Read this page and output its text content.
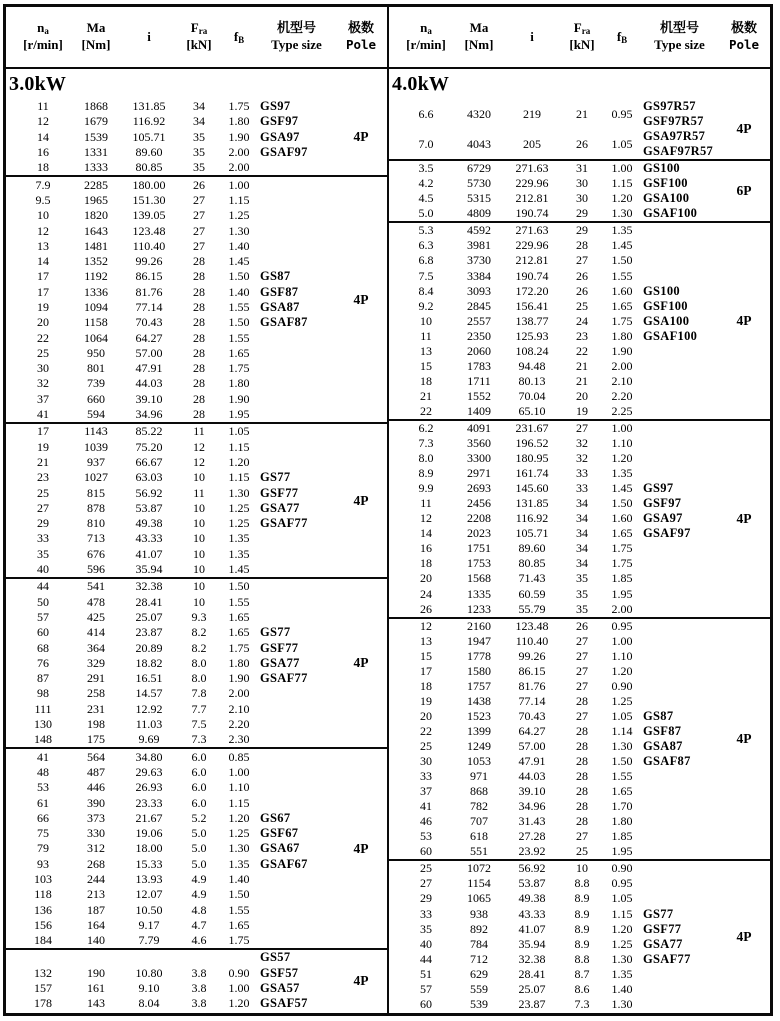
n a
[r/min]
Ma
[Nm]
i
F ra
[kN]
f B
机型号
Type size
极数
Pole
3.0kW
11
12
14
16
18
1868
1679
1539
1331
1333
131.85
116.92
105.71
89.60
80.85
34
34
35
35
35
1.75
1.80
1.90
2.00
2.00
GS97
GSF97
GSA97
GSAF97
4P
7.9
9.5
10
12
13
14
17
17
19
20
22
25
30
32
37
41
2285
1965
1820
1643
1481
1352
1192
1336
1094
1158
1064
950
801
739
660
594
180.00
151.30
139.05
123.48
110.40
99.26
86.15
81.76
77.14
70.43
64.27
57.00
47.91
44.03
39.10
34.96
26
27
27
27
27
28
28
28
28
28
28
28
28
28
28
28
1.00
1.15
1.25
1.30
1.40
1.45
1.50
1.40
1.55
1.50
1.55
1.65
1.75
1.80
1.90
1.95
GS87
GSF87
GSA87
GSAF87
4P
17
19
21
23
25
27
29
33
35
40
1143
1039
937
1027
815
878
810
713
676
596
85.22
75.20
66.67
63.03
56.92
53.87
49.38
43.33
41.07
35.94
11
12
12
10
11
10
10
10
10
10
1.05
1.15
1.20
1.15
1.30
1.25
1.25
1.35
1.35
1.45
GS77
GSF77
GSA77
GSAF77
4P
44
50
57
60
68
76
87
98
111
130
148
541
478
425
414
364
329
291
258
231
198
175
32.38
28.41
25.07
23.87
20.89
18.82
16.51
14.57
12.92
11.03
9.69
10
10
9.3
8.2
8.2
8.0
8.0
7.8
7.7
7.5
7.3
1.50
1.55
1.65
1.65
1.75
1.80
1.90
2.00
2.10
2.20
2.30
GS77
GSF77
GSA77
GSAF77
4P
41
48
53
61
66
75
79
93
103
118
136
156
184
564
487
446
390
373
330
312
268
244
213
187
164
140
34.80
29.63
26.93
23.33
21.67
19.06
18.00
15.33
13.93
12.07
10.50
9.17
7.79
6.0
6.0
6.0
6.0
5.2
5.0
5.0
5.0
4.9
4.9
4.8
4.7
4.6
0.85
1.00
1.10
1.15
1.20
1.25
1.30
1.35
1.40
1.50
1.55
1.65
1.75
GS67
GSF67
GSA67
GSAF67
4P
132
157
178
190
161
143
10.80
9.10
8.04
3.8
3.8
3.8
0.90
1.00
1.20
GS57
GSF57
GSA57
GSAF57
4P
n a
[r/min]
Ma
[Nm]
i
F ra
[kN]
f B
机型号
Type size
极数
Pole
4.0kW
6.6
7.0
4320
4043
219
205
21
26
0.95
1.05
GS97R57
GSF97R57
GSA97R57
GSAF97R57
4P
3.5
4.2
4.5
5.0
6729
5730
5315
4809
271.63
229.96
212.81
190.74
31
30
30
29
1.00
1.15
1.20
1.30
GS100
GSF100
GSA100
GSAF100
6P
5.3
6.3
6.8
7.5
8.4
9.2
10
11
13
15
18
21
22
4592
3981
3730
3384
3093
2845
2557
2350
2060
1783
1711
1552
1409
271.63
229.96
212.81
190.74
172.20
156.41
138.77
125.93
108.24
94.48
80.13
70.04
65.10
29
28
27
26
26
25
24
23
22
21
21
20
19
1.35
1.45
1.50
1.55
1.60
1.65
1.75
1.80
1.90
2.00
2.10
2.20
2.25
GS100
GSF100
GSA100
GSAF100
4P
6.2
7.3
8.0
8.9
9.9
11
12
14
16
18
20
24
26
4091
3560
3300
2971
2693
2456
2208
2023
1751
1753
1568
1335
1233
231.67
196.52
180.95
161.74
145.60
131.85
116.92
105.71
89.60
80.85
71.43
60.59
55.79
27
32
32
33
33
34
34
34
34
34
35
35
35
1.00
1.10
1.20
1.35
1.45
1.50
1.60
1.65
1.75
1.75
1.85
1.95
2.00
GS97
GSF97
GSA97
GSAF97
4P
12
13
15
17
18
19
20
22
25
30
33
37
41
46
53
60
2160
1947
1778
1580
1757
1438
1523
1399
1249
1053
971
868
782
707
618
551
123.48
110.40
99.26
86.15
81.76
77.14
70.43
64.27
57.00
47.91
44.03
39.10
34.96
31.43
27.28
23.92
26
27
27
27
27
28
27
28
28
28
28
28
28
28
27
25
0.95
1.00
1.10
1.20
0.90
1.25
1.05
1.14
1.30
1.50
1.55
1.65
1.70
1.80
1.85
1.95
GS87
GSF87
GSA87
GSAF87
4P
25
27
29
33
35
40
44
51
57
60
1072
1154
1065
938
892
784
712
629
559
539
56.92
53.87
49.38
43.33
41.07
35.94
32.38
28.41
25.07
23.87
10
8.8
8.9
8.9
8.9
8.9
8.8
8.7
8.6
7.3
0.90
0.95
1.05
1.15
1.20
1.25
1.30
1.35
1.40
1.30
GS77
GSF77
GSA77
GSAF77
4P
